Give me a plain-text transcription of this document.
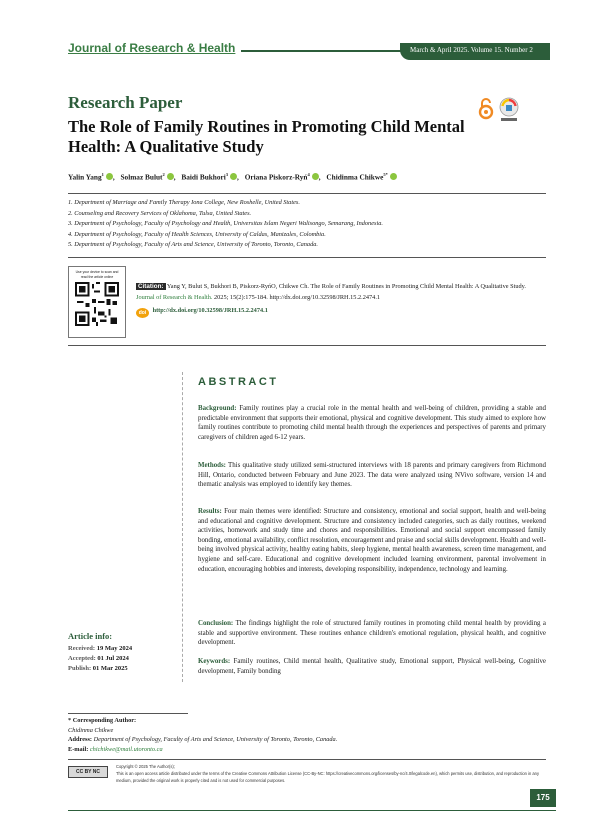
Journal of Research & Health	March & April 2025. Volume 15. Number 2
Research Paper
The Role of Family Routines in Promoting Child Mental Health: A Qualitative Study
Yalin Yang$^1$ , Solmaz Bulut$^2$ , Baidi Bukhori$^3$ , Oriana Piskorz-Ryń$^4$ , Chidinma Chikwe$^{5*}$
1. Department of Marriage and Family Therapy Iona College, New Roshelle, United States.
2. Counseling and Recovery Services of Oklahoma, Tulsa, United States.
3. Department of Psychology, Faculty of Psychology and Health, Universitas Islam Negeri Walisongo, Semarang, Indonesia.
4. Department of Psychology, Faculty of Health Sciences, University of Caldas, Manizales, Colombia.
5. Department of Psychology, Faculty of Arts and Science, University of Toronto, Toronto, Canada.
Use your device to scan and read the article online
Citation: Yang Y, Bulut S, Bukhori B, Piskorz-RyńO, Chikwe Ch. The Role of Family Routines in Promoting Child Mental Health: A Qualitative Study. Journal of Research & Health. 2025; 15(2):175-184. http://dx.doi.org/10.32598/JRH.15.2.2474.1
doi http://dx.doi.org/10.32598/JRH.15.2.2474.1
ABSTRACT

Background: Family routines play a crucial role in the mental health and well-being of children, providing a stable and predictable environment that supports their emotional, physical and cognitive development. This study aimed to explore how family routines contribute to promoting child mental health through the experiences and perspectives of parents and primary caregivers of children aged 6-12 years.

Methods: This qualitative study utilized semi-structured interviews with 18 parents and primary caregivers from Richmond Hill, Ontario, conducted between February and June 2023. The data were analyzed using NVivo software, version 14 and thematic analysis was employed to identify key themes.

Results: Four main themes were identified: Structure and consistency, emotional and social support, health and well-being and educational and cognitive development. Structure and consistency included categories, such as daily routines, weekend activities, homework and study time and chores and responsibilities. Emotional and social support encompassed family bonding, emotional availability, conflict resolution, encouragement and praise and social skills development. Health and well-being involved physical activity, healthy eating habits, sleep hygiene, mental health awareness, screen time management, and hygiene and self-care. Educational and cognitive development included learning environment, parental involvement in education, encouraging hobbies and interests, developing responsibility, independence, technology and learning.

Conclusion: The findings highlight the role of structured family routines in promoting child mental health by providing a stable and supportive environment. These routines enhance children's emotional regulation, physical health, and cognitive development.

Keywords: Family routines, Child mental health, Qualitative study, Emotional support, Physical well-being, Cognitive development, Family bonding

Article info:
Received: 19 May 2024
Accepted: 01 Jul 2024
Publish: 01 Mar 2025
* Corresponding Author:
Chidinma Chikwe
Address: Department of Psychology, Faculty of Arts and Science, University of Toronto, Toronto, Canada.
E-mail: chichikwe@mail.utoronto.ca
CC BY NC
Copyright © 2025 The Author(s);
This is an open access article distributed under the terms of the Creative Commons Attribution License (CC-By-NC: https://creativecommons.org/licenses/by-nc/4.0/legalcode.en), which permits use, distribution, and reproduction in any medium, provided the original work is properly cited and is not used for commercial purposes.
175
